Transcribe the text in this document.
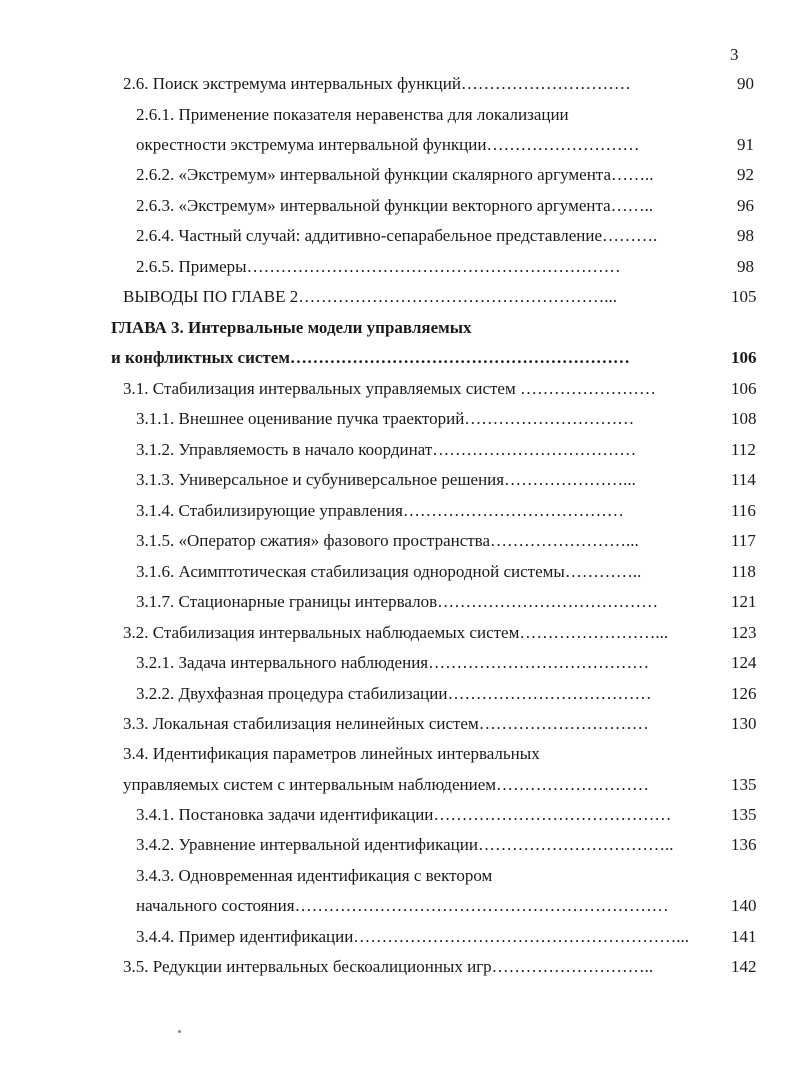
3
2.6. Поиск экстремума интервальных функций…………………………	90
2.6.1. Применение показателя неравенства для локализации
окрестности экстремума интервальной функции………………………	91
2.6.2. «Экстремум» интервальной функции скалярного аргумента……..	92
2.6.3. «Экстремум» интервальной функции векторного аргумента……..	96
2.6.4. Частный случай: аддитивно-сепарабельное представление……….	98
2.6.5. Примеры…………………………………………………………	98
ВЫВОДЫ ПО ГЛАВЕ 2………………………………………………...	105
ГЛАВА 3. Интервальные модели управляемых
и конфликтных систем……………………………………………………	106
3.1. Стабилизация интервальных управляемых систем ……………………	106
3.1.1. Внешнее оценивание пучка траекторий…………………………	108
3.1.2. Управляемость в начало координат………………………………	112
3.1.3. Универсальное и субуниверсальное решения…………………...	114
3.1.4. Стабилизирующие управления…………………………………	116
3.1.5. «Оператор сжатия» фазового пространства……………………...	117
3.1.6. Асимптотическая стабилизация однородной системы…………..	118
3.1.7. Стационарные границы интервалов…………………………………	121
3.2. Стабилизация интервальных наблюдаемых систем……………………...	123
3.2.1. Задача интервального наблюдения…………………………………	124
3.2.2. Двухфазная процедура стабилизации………………………………	126
3.3. Локальная стабилизация нелинейных систем…………………………	130
3.4. Идентификация параметров линейных интервальных
управляемых систем с интервальным наблюдением………………………	135
3.4.1. Постановка задачи идентификации……………………………………	135
3.4.2. Уравнение интервальной идентификации……………………………..	136
3.4.3. Одновременная идентификация с вектором
начального состояния…………………………………………………………	140
3.4.4. Пример идентификации…………………………………………………... 141
3.5. Редукции интервальных бескоалиционных игр………………………..	142
